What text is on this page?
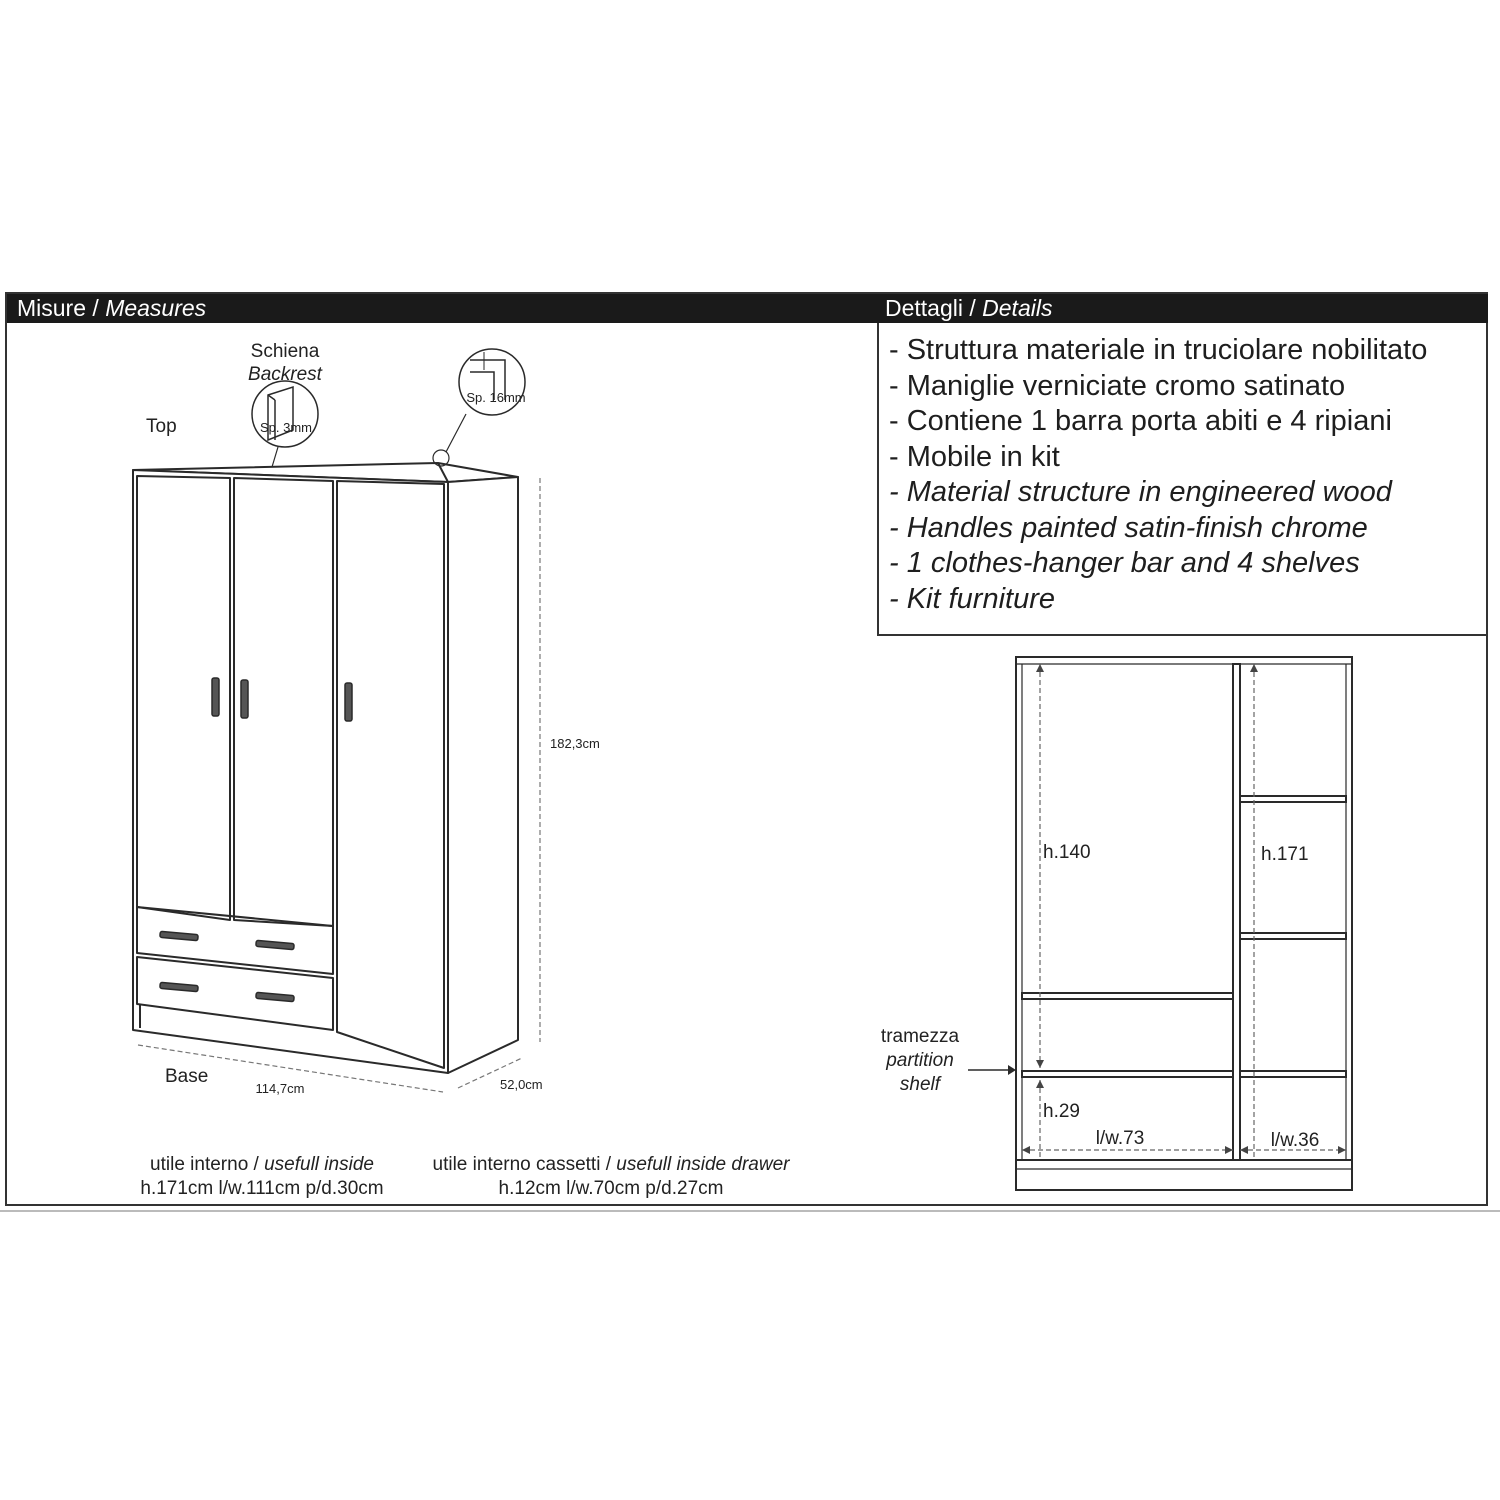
Misure / Measures	Dettagli / Details
- Struttura materiale in truciolare nobilitato
- Maniglie verniciate cromo satinato
- Contiene 1 barra porta abiti e 4 ripiani
- Mobile in kit
- Material structure in engineered wood
- Handles painted satin-finish chrome
- 1 clothes-hanger bar and 4 shelves
- Kit furniture
Schiena
Backrest
Sp. 3mm
Sp. 16mm
Top
Base
182,3cm
114,7cm	52,0cm
utile interno / usefull inside
h.171cm l/w.111cm p/d.30cm
utile interno cassetti / usefull inside drawer
h.12cm l/w.70cm p/d.27cm
h.140	h.171
h.29
l/w.73	l/w.36
tramezza
partition
shelf
